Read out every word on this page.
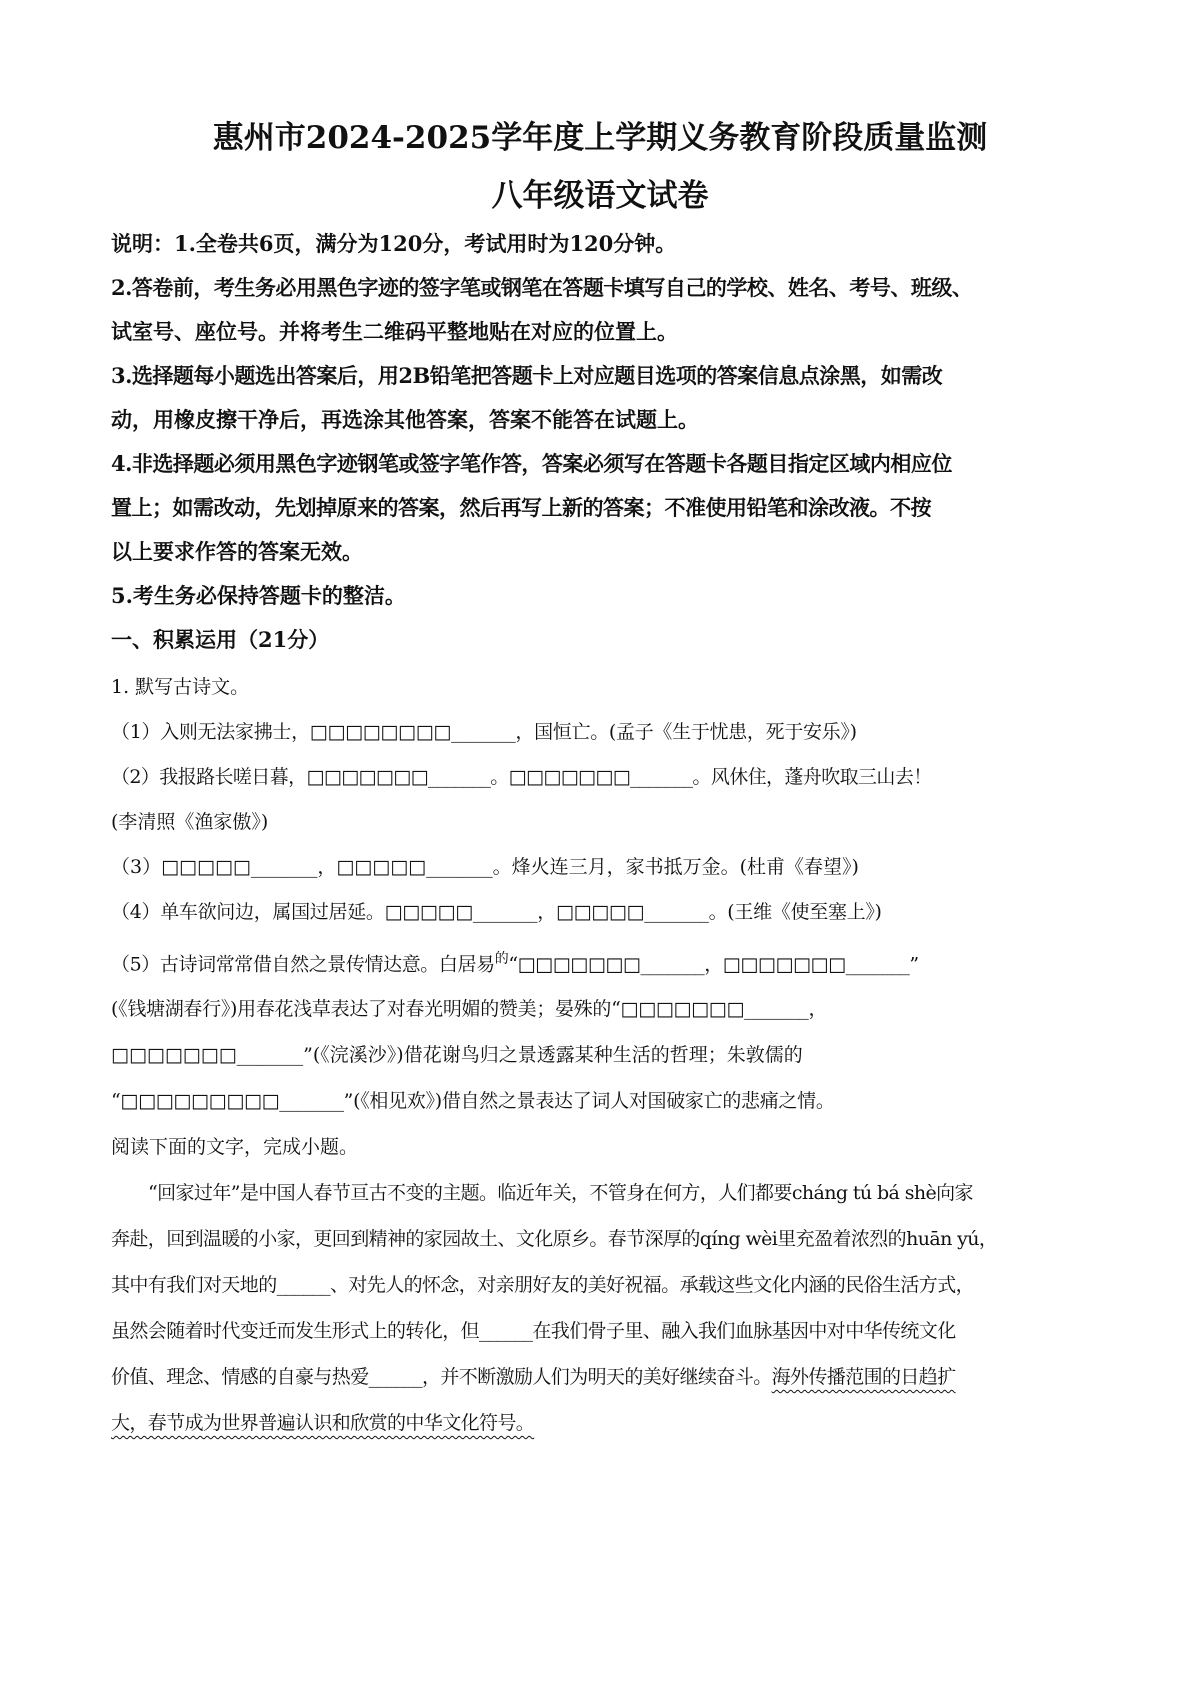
惠州市2024-2025学年度上学期义务教育阶段质量监测
八年级语文试卷
说明：1.全卷共6页，满分为120分，考试用时为120分钟。
2.答卷前，考生务必用黑色字迹的签字笔或钢笔在答题卡填写自己的学校、姓名、考号、班级、
试室号、座位号。并将考生二维码平整地贴在对应的位置上。
3.选择题每小题选出答案后，用2B铅笔把答题卡上对应题目选项的答案信息点涂黑，如需改
动，用橡皮擦干净后，再选涂其他答案，答案不能答在试题上。
4.非选择题必须用黑色字迹钢笔或签字笔作答，答案必须写在答题卡各题目指定区域内相应位
置上；如需改动，先划掉原来的答案，然后再写上新的答案；不准使用铅笔和涂改液。不按
以上要求作答的答案无效。
5.考生务必保持答题卡的整洁。
一、积累运用（21分）
1. 默写古诗文。
（1）入则无法家拂士，□□□□□□□□_______，国恒亡。(孟子《生于忧患，死于安乐》)
（2）我报路长嗟日暮，□□□□□□□_______。□□□□□□□_______。风休住，蓬舟吹取三山去！
(李清照《渔家傲》)
（3）□□□□□_______，□□□□□_______。烽火连三月，家书抵万金。(杜甫《春望》)
（4）单车欲问边，属国过居延。□□□□□_______，□□□□□_______。(王维《使至塞上》)
（5）古诗词常常借自然之景传情达意。白居易$^的$“□□□□□□□_______，□□□□□□□_______”
(《钱塘湖春行》)用春花浅草表达了对春光明媚的赞美；晏殊的“□□□□□□□_______，
□□□□□□□_______”(《浣溪沙》)借花谢鸟归之景透露某种生活的哲理；朱敦儒的
“□□□□□□□□□_______”(《相见欢》)借自然之景表达了词人对国破家亡的悲痛之情。
阅读下面的文字，完成小题。
“回家过年”是中国人春节亘古不变的主题。临近年关，不管身在何方，人们都要cháng tú bá shè向家
奔赴，回到温暖的小家，更回到精神的家园故土、文化原乡。春节深厚的qíng wèi里充盈着浓烈的huān yú，
其中有我们对天地的______、对先人的怀念，对亲朋好友的美好祝福。承载这些文化内涵的民俗生活方式，
虽然会随着时代变迁而发生形式上的转化，但______在我们骨子里、融入我们血脉基因中对中华传统文化
价值、理念、情感的自豪与热爱______，并不断激励人们为明天的美好继续奋斗。海外传播范围的日趋扩
大，春节成为世界普遍认识和欣赏的中华文化符号。
